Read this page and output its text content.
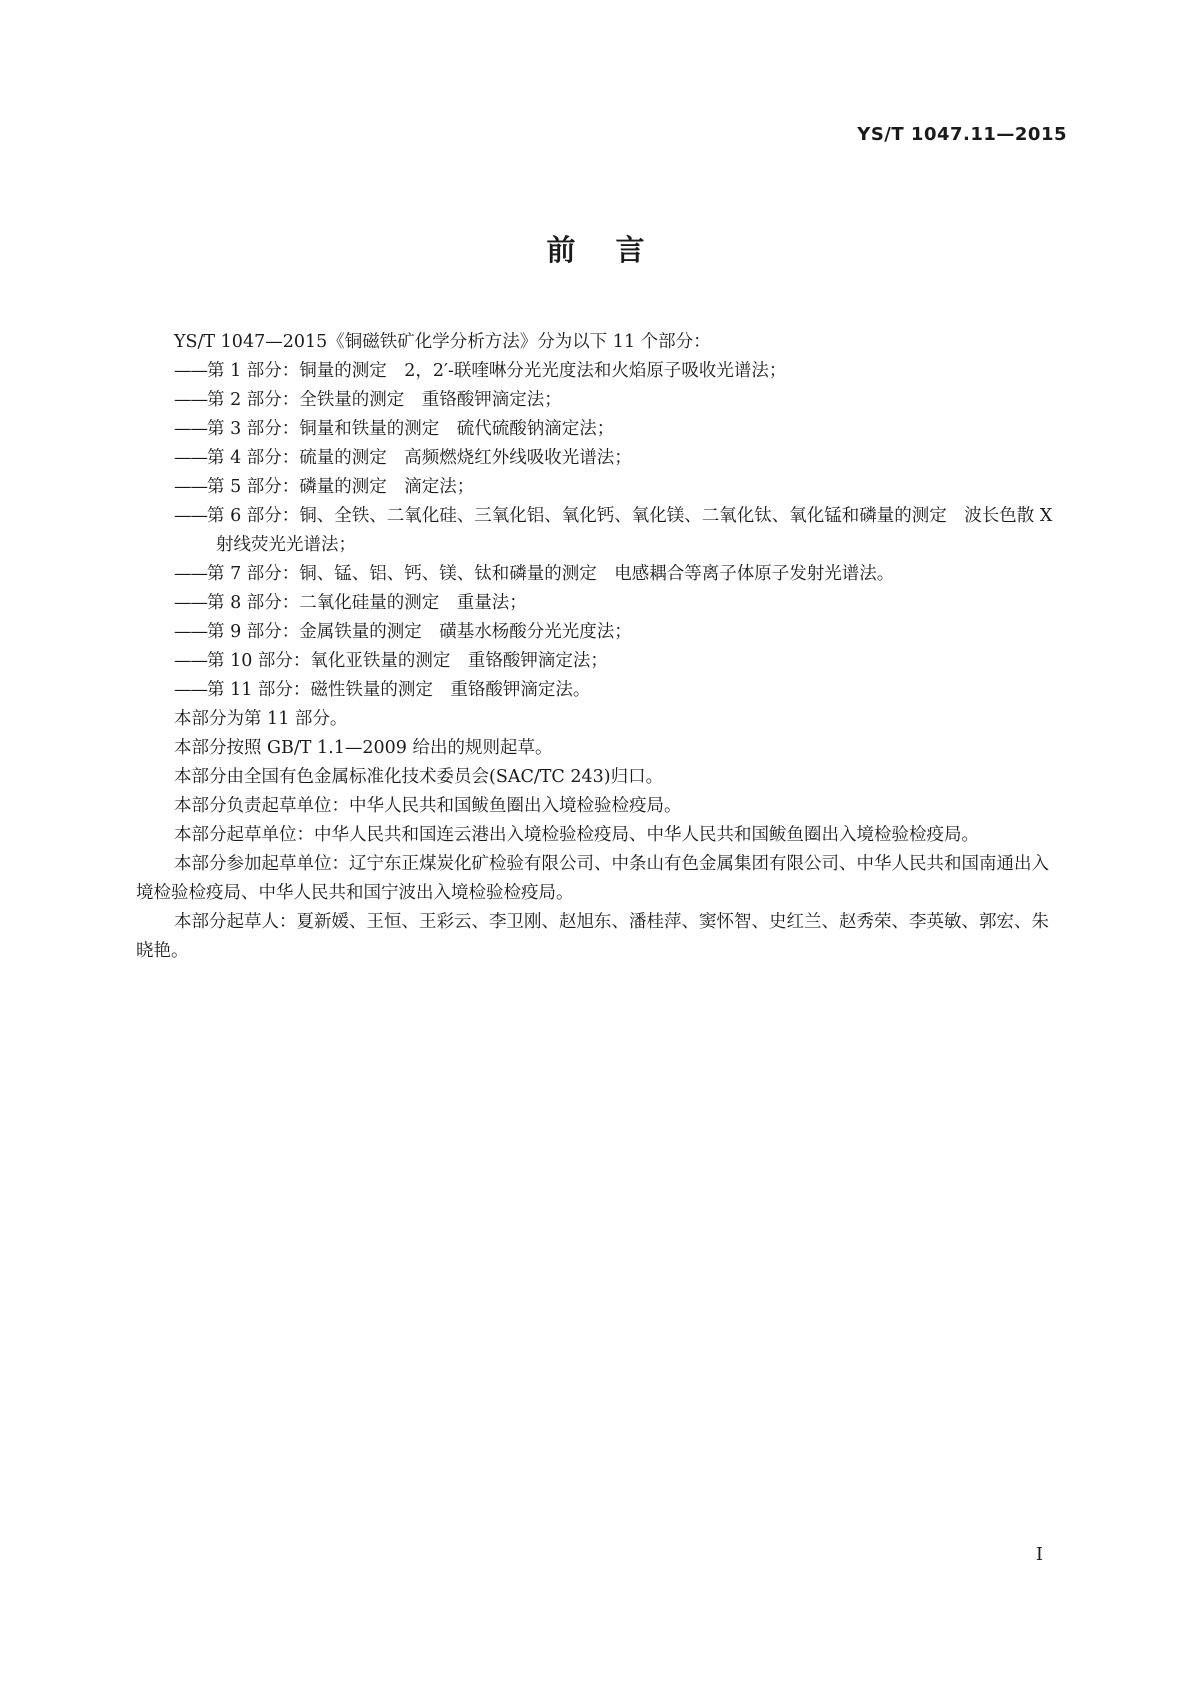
YS/T 1047.11—2015
前言

YS/T 1047—2015《铜磁铁矿化学分析方法》分为以下 11 个部分：

——第 1 部分：铜量的测定　2，2′-联喹啉分光光度法和火焰原子吸收光谱法；

——第 2 部分：全铁量的测定　重铬酸钾滴定法；

——第 3 部分：铜量和铁量的测定　硫代硫酸钠滴定法；

——第 4 部分：硫量的测定　高频燃烧红外线吸收光谱法；

——第 5 部分：磷量的测定　滴定法；

——第 6 部分：铜、全铁、二氧化硅、三氧化铝、氧化钙、氧化镁、二氧化钛、氧化锰和磷量的测定　波长色散 X 射线荧光光谱法；

——第 7 部分：铜、锰、铝、钙、镁、钛和磷量的测定　电感耦合等离子体原子发射光谱法。

——第 8 部分：二氧化硅量的测定　重量法；

——第 9 部分：金属铁量的测定　磺基水杨酸分光光度法；

——第 10 部分：氧化亚铁量的测定　重铬酸钾滴定法；

——第 11 部分：磁性铁量的测定　重铬酸钾滴定法。

本部分为第 11 部分。

本部分按照 GB/T 1.1—2009 给出的规则起草。

本部分由全国有色金属标准化技术委员会(SAC/TC 243)归口。

本部分负责起草单位：中华人民共和国鲅鱼圈出入境检验检疫局。

本部分起草单位：中华人民共和国连云港出入境检验检疫局、中华人民共和国鲅鱼圈出入境检验检疫局。

本部分参加起草单位：辽宁东正煤炭化矿检验有限公司、中条山有色金属集团有限公司、中华人民共和国南通出入境检验检疫局、中华人民共和国宁波出入境检验检疫局。

本部分起草人：夏新媛、王恒、王彩云、李卫刚、赵旭东、潘桂萍、窦怀智、史红兰、赵秀荣、李英敏、郭宏、朱晓艳。

I
